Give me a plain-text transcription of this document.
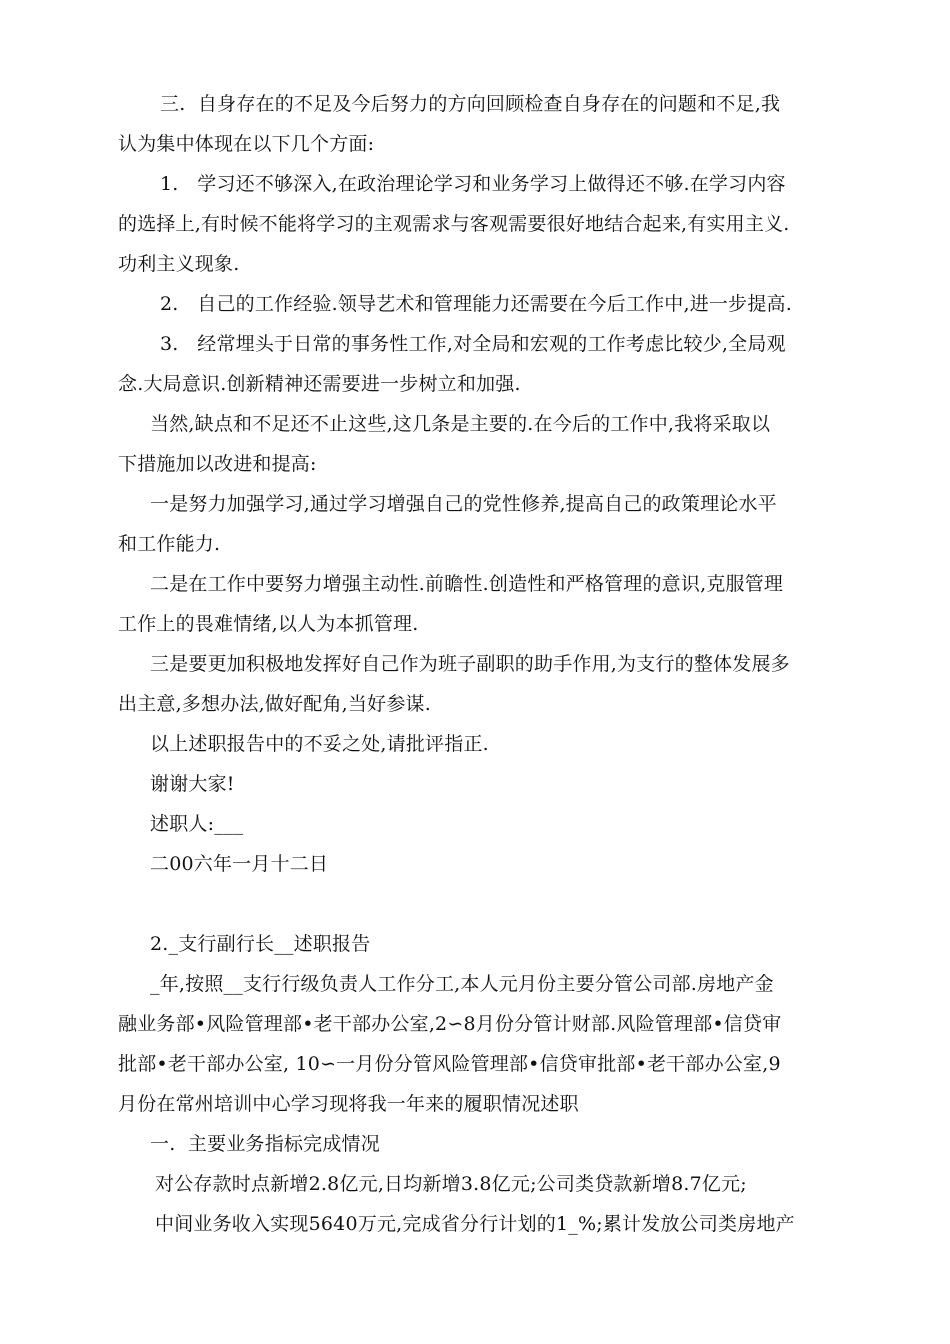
三.  自身存在的不足及今后努力的方向回顾检查自身存在的问题和不足,我
认为集中体现在以下几个方面:
1.   学习还不够深入,在政治理论学习和业务学习上做得还不够.在学习内容
的选择上,有时候不能将学习的主观需求与客观需要很好地结合起来,有实用主义.
功利主义现象.
2.   自己的工作经验.领导艺术和管理能力还需要在今后工作中,进一步提高.
3.   经常埋头于日常的事务性工作,对全局和宏观的工作考虑比较少,全局观
念.大局意识.创新精神还需要进一步树立和加强.
当然,缺点和不足还不止这些,这几条是主要的.在今后的工作中,我将采取以
下措施加以改进和提高:
一是努力加强学习,通过学习增强自己的党性修养,提高自己的政策理论水平
和工作能力.
二是在工作中要努力增强主动性.前瞻性.创造性和严格管理的意识,克服管理
工作上的畏难情绪,以人为本抓管理.
三是要更加积极地发挥好自己作为班子副职的助手作用,为支行的整体发展多
出主意,多想办法,做好配角,当好参谋.
以上述职报告中的不妥之处,请批评指正.
谢谢大家!
述职人:___
二00六年一月十二日
2._支行副行长__述职报告
_年,按照__支行行级负责人工作分工,本人元月份主要分管公司部.房地产金
融业务部•风险管理部•老干部办公室,2∽8月份分管计财部.风险管理部•信贷审
批部•老干部办公室, 10∽一月份分管风险管理部•信贷审批部•老干部办公室,9
月份在常州培训中心学习现将我一年来的履职情况述职
一.  主要业务指标完成情况
对公存款时点新增2.8亿元,日均新增3.8亿元;公司类贷款新增8.7亿元;
中间业务收入实现5640万元,完成省分行计划的1_%;累计发放公司类房地产
